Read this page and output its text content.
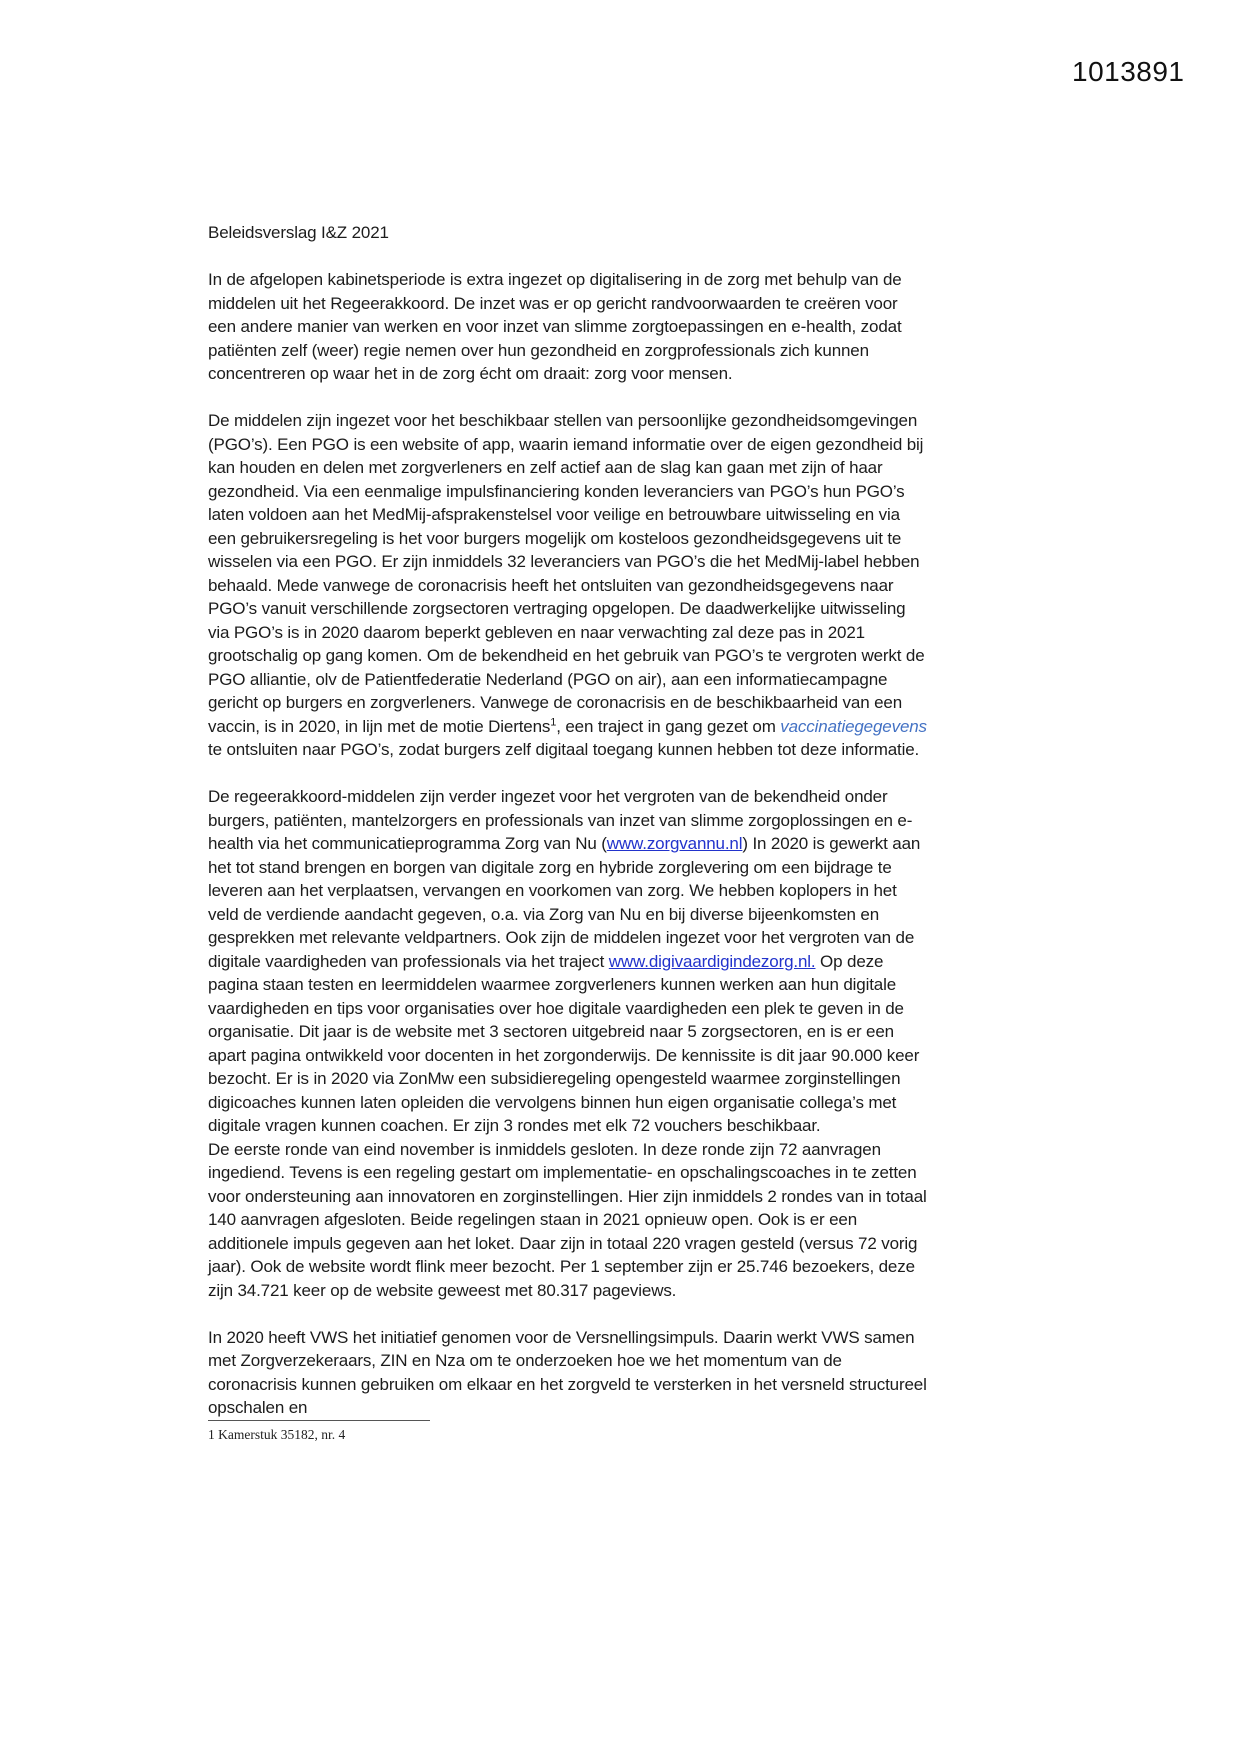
1013891

Beleidsverslag I&Z 2021

In de afgelopen kabinetsperiode is extra ingezet op digitalisering in de zorg met behulp van de middelen uit het Regeerakkoord. De inzet was er op gericht randvoorwaarden te creëren voor een andere manier van werken en voor inzet van slimme zorgtoepassingen en e-health, zodat patiënten zelf (weer) regie nemen over hun gezondheid en zorgprofessionals zich kunnen concentreren op waar het in de zorg écht om draait: zorg voor mensen.

De middelen zijn ingezet voor het beschikbaar stellen van persoonlijke gezondheidsomgevingen (PGO’s). Een PGO is een website of app, waarin iemand informatie over de eigen gezondheid bij kan houden en delen met zorgverleners en zelf actief aan de slag kan gaan met zijn of haar gezondheid. Via een eenmalige impulsfinanciering konden leveranciers van PGO’s hun PGO’s laten voldoen aan het MedMij-afsprakenstelsel voor veilige en betrouwbare uitwisseling en via een gebruikersregeling is het voor burgers mogelijk om kosteloos gezondheidsgegevens uit te wisselen via een PGO. Er zijn inmiddels 32 leveranciers van PGO’s die het MedMij-label hebben behaald. Mede vanwege de coronacrisis heeft het ontsluiten van gezondheidsgegevens naar PGO’s vanuit verschillende zorgsectoren vertraging opgelopen. De daadwerkelijke uitwisseling via PGO’s is in 2020 daarom beperkt gebleven en naar verwachting zal deze pas in 2021 grootschalig op gang komen. Om de bekendheid en het gebruik van PGO’s te vergroten werkt de PGO alliantie, olv de Patientfederatie Nederland (PGO on air), aan een informatiecampagne gericht op burgers en zorgverleners. Vanwege de coronacrisis en de beschikbaarheid van een vaccin, is in 2020, in lijn met de motie Diertens$^1$, een traject in gang gezet om vaccinatiegegevens te ontsluiten naar PGO’s, zodat burgers zelf digitaal toegang kunnen hebben tot deze informatie.

De regeerakkoord-middelen zijn verder ingezet voor het vergroten van de bekendheid onder burgers, patiënten, mantelzorgers en professionals van inzet van slimme zorgoplossingen en e-health via het communicatieprogramma Zorg van Nu (www.zorgvannu.nl) In 2020 is gewerkt aan het tot stand brengen en borgen van digitale zorg en hybride zorglevering om een bijdrage te leveren aan het verplaatsen, vervangen en voorkomen van zorg. We hebben koplopers in het veld de verdiende aandacht gegeven, o.a. via Zorg van Nu en bij diverse bijeenkomsten en gesprekken met relevante veldpartners. Ook zijn de middelen ingezet voor het vergroten van de digitale vaardigheden van professionals via het traject www.digivaardigindezorg.nl. Op deze pagina staan testen en leermiddelen waarmee zorgverleners kunnen werken aan hun digitale vaardigheden en tips voor organisaties over hoe digitale vaardigheden een plek te geven in de organisatie. Dit jaar is de website met 3 sectoren uitgebreid naar 5 zorgsectoren, en is er een apart pagina ontwikkeld voor docenten in het zorgonderwijs. De kennissite is dit jaar 90.000 keer bezocht. Er is in 2020 via ZonMw een subsidieregeling opengesteld waarmee zorginstellingen digicoaches kunnen laten opleiden die vervolgens binnen hun eigen organisatie collega’s met digitale vragen kunnen coachen. Er zijn 3 rondes met elk 72 vouchers beschikbaar.

De eerste ronde van eind november is inmiddels gesloten. In deze ronde zijn 72 aanvragen ingediend. Tevens is een regeling gestart om implementatie- en opschalingscoaches in te zetten voor ondersteuning aan innovatoren en zorginstellingen. Hier zijn inmiddels 2 rondes van in totaal 140 aanvragen afgesloten. Beide regelingen staan in 2021 opnieuw open. Ook is er een additionele impuls gegeven aan het loket. Daar zijn in totaal 220 vragen gesteld (versus 72 vorig jaar). Ook de website wordt flink meer bezocht. Per 1 september zijn er 25.746 bezoekers, deze zijn 34.721 keer op de website geweest met 80.317 pageviews.

In 2020 heeft VWS het initiatief genomen voor de Versnellingsimpuls. Daarin werkt VWS samen met Zorgverzekeraars, ZIN en Nza om te onderzoeken hoe we het momentum van de coronacrisis kunnen gebruiken om elkaar en het zorgveld te versterken in het versneld structureel opschalen en

1 Kamerstuk 35182, nr. 4
